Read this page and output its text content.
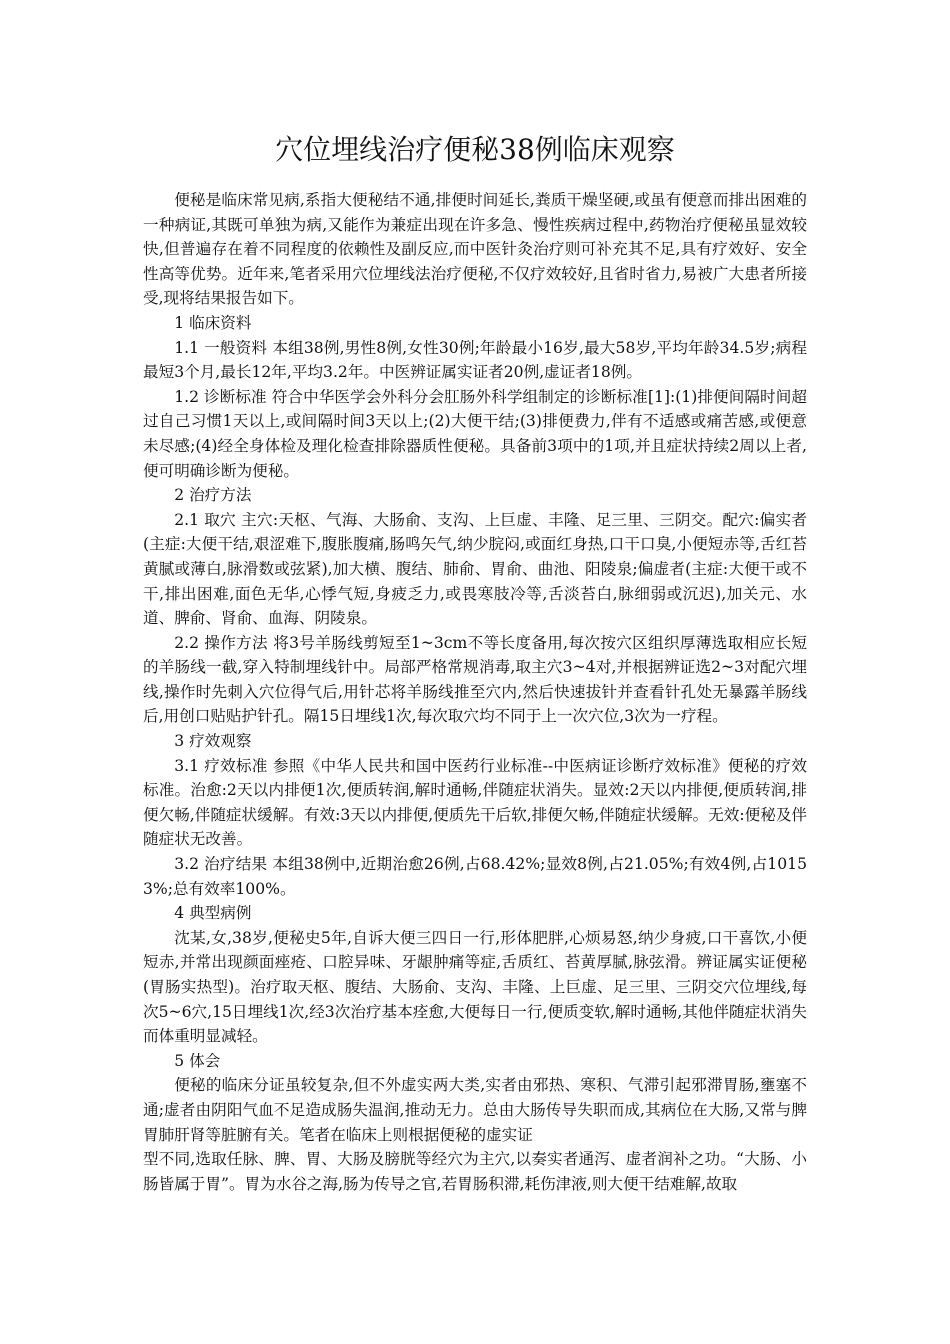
穴位埋线治疗便秘38例临床观察

便秘是临床常见病,系指大便秘结不通,排便时间延长,粪质干燥坚硬,或虽有便意而排出困难的一种病证,其既可单独为病,又能作为兼症出现在许多急、慢性疾病过程中,药物治疗便秘虽显效较快,但普遍存在着不同程度的依赖性及副反应,而中医针灸治疗则可补充其不足,具有疗效好、安全性高等优势。近年来,笔者采用穴位埋线法治疗便秘,不仅疗效较好,且省时省力,易被广大患者所接受,现将结果报告如下。

1 临床资料

1.1 一般资料 本组38例,男性8例,女性30例;年龄最小16岁,最大58岁,平均年龄34.5岁;病程最短3个月,最长12年,平均3.2年。中医辨证属实证者20例,虚证者18例。

1.2 诊断标准 符合中华医学会外科分会肛肠外科学组制定的诊断标准[1]:(1)排便间隔时间超过自己习惯1天以上,或间隔时间3天以上;(2)大便干结;(3)排便费力,伴有不适感或痛苦感,或便意未尽感;(4)经全身体检及理化检查排除器质性便秘。具备前3项中的1项,并且症状持续2周以上者,便可明确诊断为便秘。

2 治疗方法

2.1 取穴 主穴:天枢、气海、大肠俞、支沟、上巨虚、丰隆、足三里、三阴交。配穴:偏实者(主症:大便干结,艰涩难下,腹胀腹痛,肠鸣矢气,纳少脘闷,或面红身热,口干口臭,小便短赤等,舌红苔黄腻或薄白,脉滑数或弦紧),加大横、腹结、肺俞、胃俞、曲池、阳陵泉;偏虚者(主症:大便干或不干,排出困难,面色无华,心悸气短,身疲乏力,或畏寒肢冷等,舌淡苔白,脉细弱或沉迟),加关元、水道、脾俞、肾俞、血海、阴陵泉。

2.2 操作方法 将3号羊肠线剪短至1~3cm不等长度备用,每次按穴区组织厚薄选取相应长短的羊肠线一截,穿入特制埋线针中。局部严格常规消毒,取主穴3~4对,并根据辨证选2~3对配穴埋线,操作时先刺入穴位得气后,用针芯将羊肠线推至穴内,然后快速拔针并查看针孔处无暴露羊肠线后,用创口贴贴护针孔。隔15日埋线1次,每次取穴均不同于上一次穴位,3次为一疗程。

3 疗效观察

3.1 疗效标准 参照《中华人民共和国中医药行业标准--中医病证诊断疗效标准》便秘的疗效标准。治愈:2天以内排便1次,便质转润,解时通畅,伴随症状消失。显效:2天以内排便,便质转润,排便欠畅,伴随症状缓解。有效:3天以内排便,便质先干后软,排便欠畅,伴随症状缓解。无效:便秘及伴随症状无改善。

3.2 治疗结果 本组38例中,近期治愈26例,占68.42%;显效8例,占21.05%;有效4例,占10153%;总有效率100%。

4 典型病例

沈某,女,38岁,便秘史5年,自诉大便三四日一行,形体肥胖,心烦易怒,纳少身疲,口干喜饮,小便短赤,并常出现颜面痤疮、口腔异味、牙龈肿痛等症,舌质红、苔黄厚腻,脉弦滑。辨证属实证便秘(胃肠实热型)。治疗取天枢、腹结、大肠俞、支沟、丰隆、上巨虚、足三里、三阴交穴位埋线,每次5~6穴,15日埋线1次,经3次治疗基本痊愈,大便每日一行,便质变软,解时通畅,其他伴随症状消失而体重明显减轻。

5 体会

便秘的临床分证虽较复杂,但不外虚实两大类,实者由邪热、寒积、气滞引起邪滞胃肠,壅塞不通;虚者由阴阳气血不足造成肠失温润,推动无力。总由大肠传导失职而成,其病位在大肠,又常与脾胃肺肝肾等脏腑有关。笔者在临床上则根据便秘的虚实证

型不同,选取任脉、脾、胃、大肠及膀胱等经穴为主穴,以奏实者通泻、虚者润补之功。“大肠、小肠皆属于胃”。胃为水谷之海,肠为传导之官,若胃肠积滞,耗伤津液,则大便干结难解,故取
